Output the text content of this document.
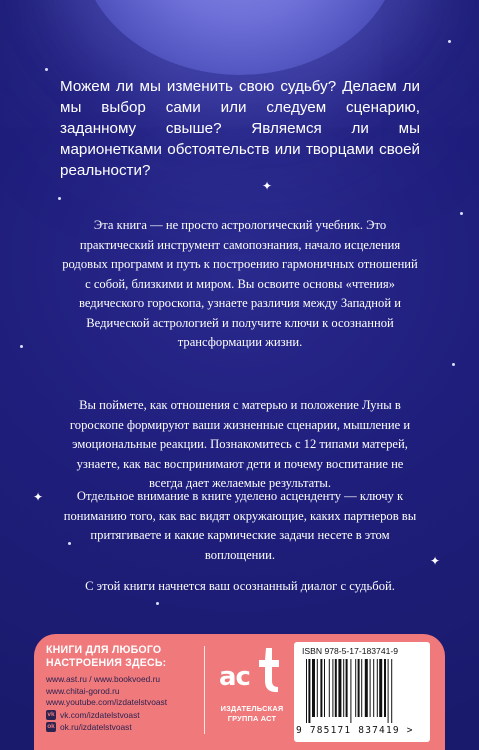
✦
✦
✦
Можем ли мы изменить свою судьбу? Делаем ли мы выбор сами или следуем сценарию, заданному свыше? Являемся ли мы марионетками обстоятельств или творцами своей реальности?
Эта книга — не просто астрологический учебник. Это практический инструмент самопознания, начало исцеления родовых программ и путь к построению гармоничных отношений с собой, близкими и миром. Вы освоите основы «чтения» ведического гороскопа, узнаете различия между Западной и Ведической астрологией и получите ключи к осознанной трансформации жизни.
Вы поймете, как отношения с матерью и положение Луны в гороскопе формируют ваши жизненные сценарии, мышление и эмоциональные реакции. Познакомитесь с 12 типами матерей, узнаете, как вас воспринимают дети и почему воспитание не всегда дает желаемые результаты.
Отдельное внимание в книге уделено асценденту — ключу к пониманию того, как вас видят окружающие, каких партнеров вы притягиваете и какие кармические задачи несете в этом воплощении.
С этой книги начнется ваш осознанный диалог с судьбой.
КНИГИ ДЛЯ ЛЮБОГО НАСТРОЕНИЯ ЗДЕСЬ:
www.ast.ru / www.bookvoed.ru
www.chitai-gorod.ru
www.youtube.com/izdatelstvoast
vk vk.com/izdatelstvoast
ok ok.ru/izdatelstvoast
ас
ИЗДАТЕЛЬСКАЯ ГРУППА АСТ
ISBN 978-5-17-183741-9
9 785171 837419 >
